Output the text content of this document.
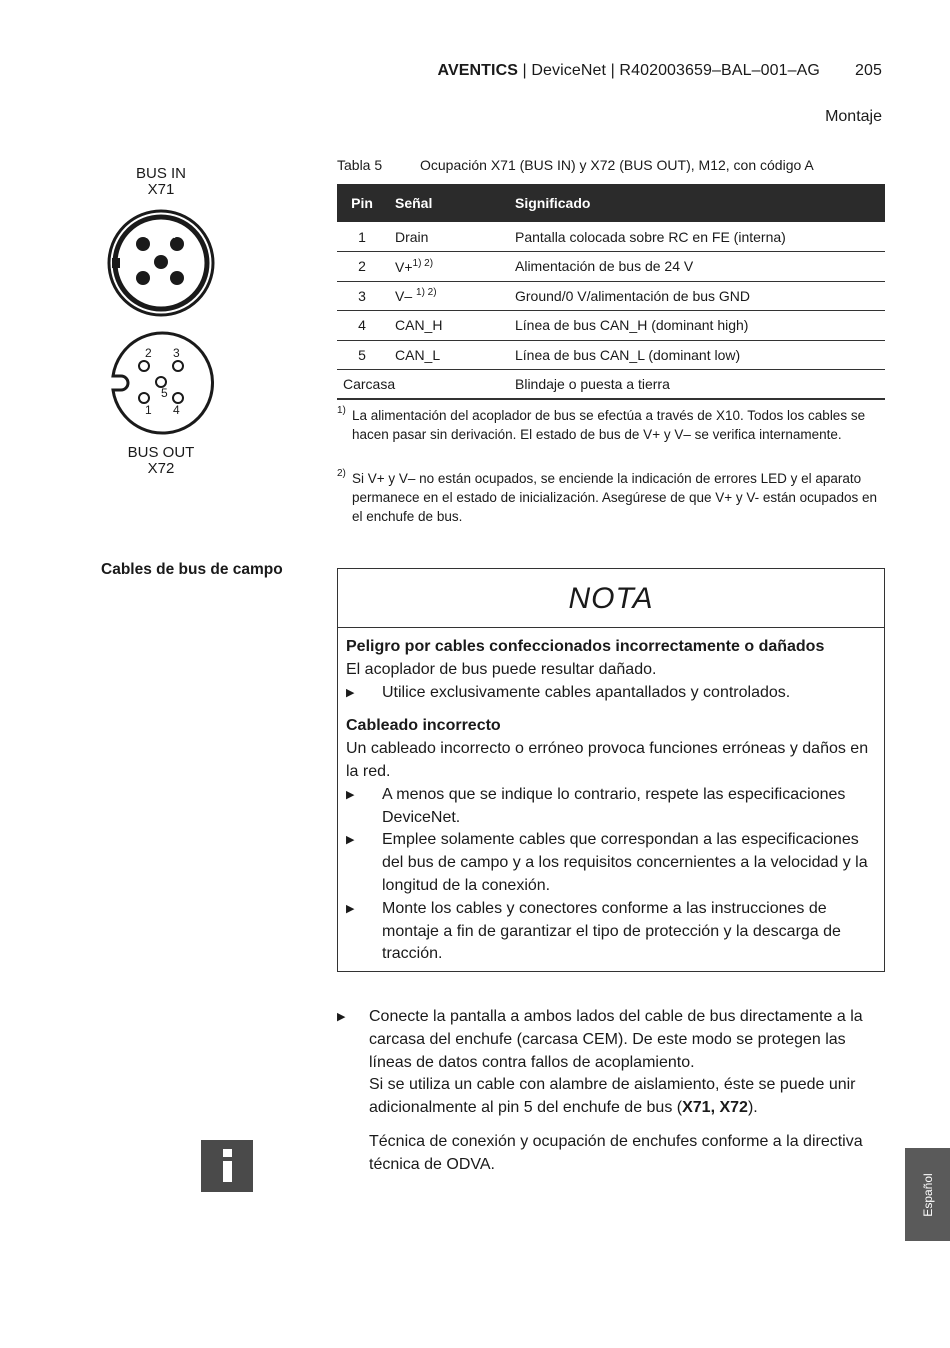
AVENTICS | DeviceNet | R402003659–BAL–001–AG 205
Montaje
BUS IN
X71
1 4
5
2 3
2 3
5
1 4
BUS OUT
X72
Tabla 5	Ocupación X71 (BUS IN) y X72 (BUS OUT), M12, con código A
Pin	Señal	Significado
1	Drain	Pantalla colocada sobre RC en FE (interna)
2	V+$^{1) 2)}$	Alimentación de bus de 24 V
3	V– $^{1) 2)}$	Ground/0 V/alimentación de bus GND
4	CAN_H	Línea de bus CAN_H (dominant high)
5	CAN_L	Línea de bus CAN_L (dominant low)
Carcasa		Blindaje o puesta a tierra
1) La alimentación del acoplador de bus se efectúa a través de X10. Todos los cables se hacen pasar sin derivación. El estado de bus de V+ y V– se verifica internamente.
2) Si V+ y V– no están ocupados, se enciende la indicación de errores LED y el aparato permanece en el estado de inicialización. Asegúrese de que V+ y V- están ocupados en el enchufe de bus.
Cables de bus de campo
NOTA
Peligro por cables confeccionados incorrectamente o dañados
El acoplador de bus puede resultar dañado.
▶ Utilice exclusivamente cables apantallados y controlados.
Cableado incorrecto
Un cableado incorrecto o erróneo provoca funciones erróneas y daños en la red.
▶ A menos que se indique lo contrario, respete las especificaciones DeviceNet.
▶ Emplee solamente cables que correspondan a las especificaciones del bus de campo y a los requisitos concernientes a la velocidad y la longitud de la conexión.
▶ Monte los cables y conectores conforme a las instrucciones de montaje a fin de garantizar el tipo de protección y la descarga de tracción.
▶ Conecte la pantalla a ambos lados del cable de bus directamente a la carcasa del enchufe (carcasa CEM). De este modo se protegen las líneas de datos contra fallos de acoplamiento.
Si se utiliza un cable con alambre de aislamiento, éste se puede unir adicionalmente al pin 5 del enchufe de bus (X71, X72).
Técnica de conexión y ocupación de enchufes conforme a la directiva técnica de ODVA.
Español
